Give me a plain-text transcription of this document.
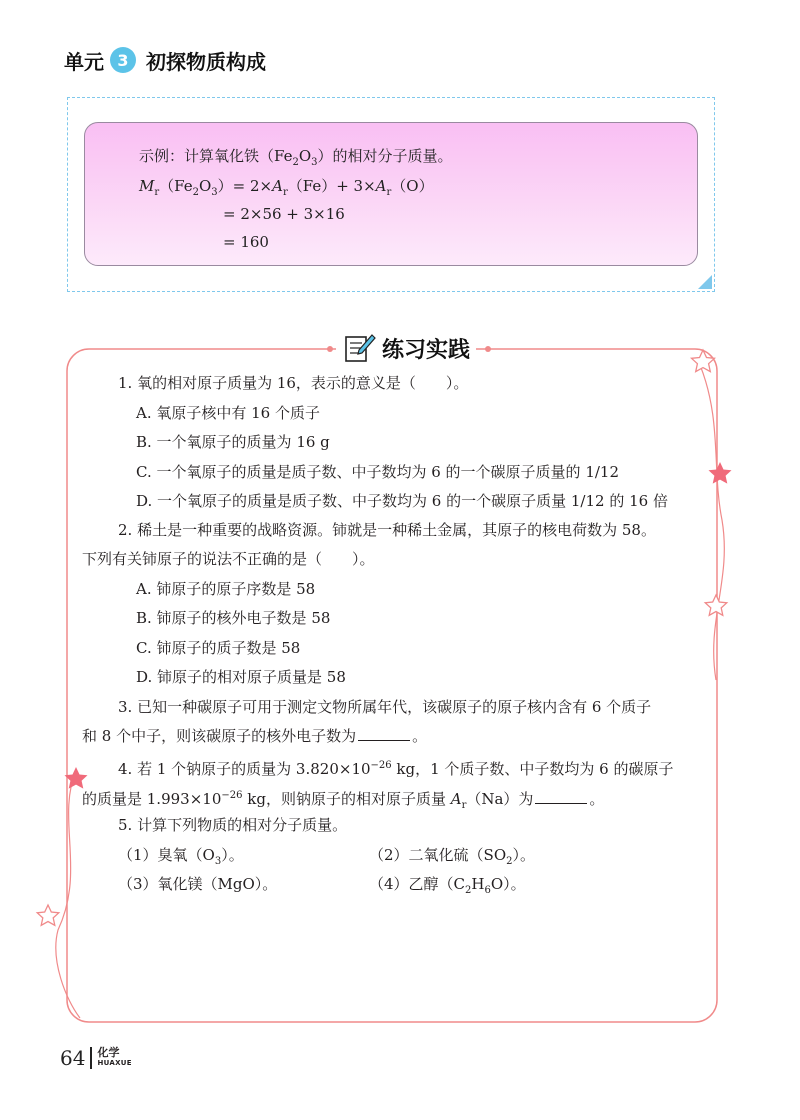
单元 3 初探物质构成
示例：计算氧化铁$(Fe_2O_3)$的相对分子质量。
$M_r(Fe_2O_3)= 2\times A_r(Fe)+ 3\times A_r(O)$
= 2×56 + 3×16
= 160
练习实践
1. 氧的相对原子质量为 16，表示的意义是（　　）。
A. 氧原子核中有 16 个质子
B. 一个氧原子的质量为 16 g
C. 一个氧原子的质量是质子数、中子数均为 6 的一个碳原子质量的 1/12
D. 一个氧原子的质量是质子数、中子数均为 6 的一个碳原子质量 1/12 的 16 倍
2. 稀土是一种重要的战略资源。铈就是一种稀土金属，其原子的核电荷数为 58。
下列有关铈原子的说法不正确的是（　　）。
A. 铈原子的原子序数是 58
B. 铈原子的核外电子数是 58
C. 铈原子的质子数是 58
D. 铈原子的相对原子质量是 58
3. 已知一种碳原子可用于测定文物所属年代，该碳原子的原子核内含有 6 个质子
和 8 个中子，则该碳原子的核外电子数为	。
4. 若 1 个钠原子的质量为 $3.820\times 10^{-26}$ kg，1 个质子数、中子数均为 6 的碳原子
的质量是 $1.993\times 10^{-26}$ kg，则钠原子的相对原子质量 $A_r(Na)$为	。
5. 计算下列物质的相对分子质量。
（1）臭氧$(O_3)$。	（2）二氧化硫$(SO_2)$。
（3）氧化镁（MgO）。	（4）乙醇$(C_2H_6O)$。
64 化学
HUAXUE
